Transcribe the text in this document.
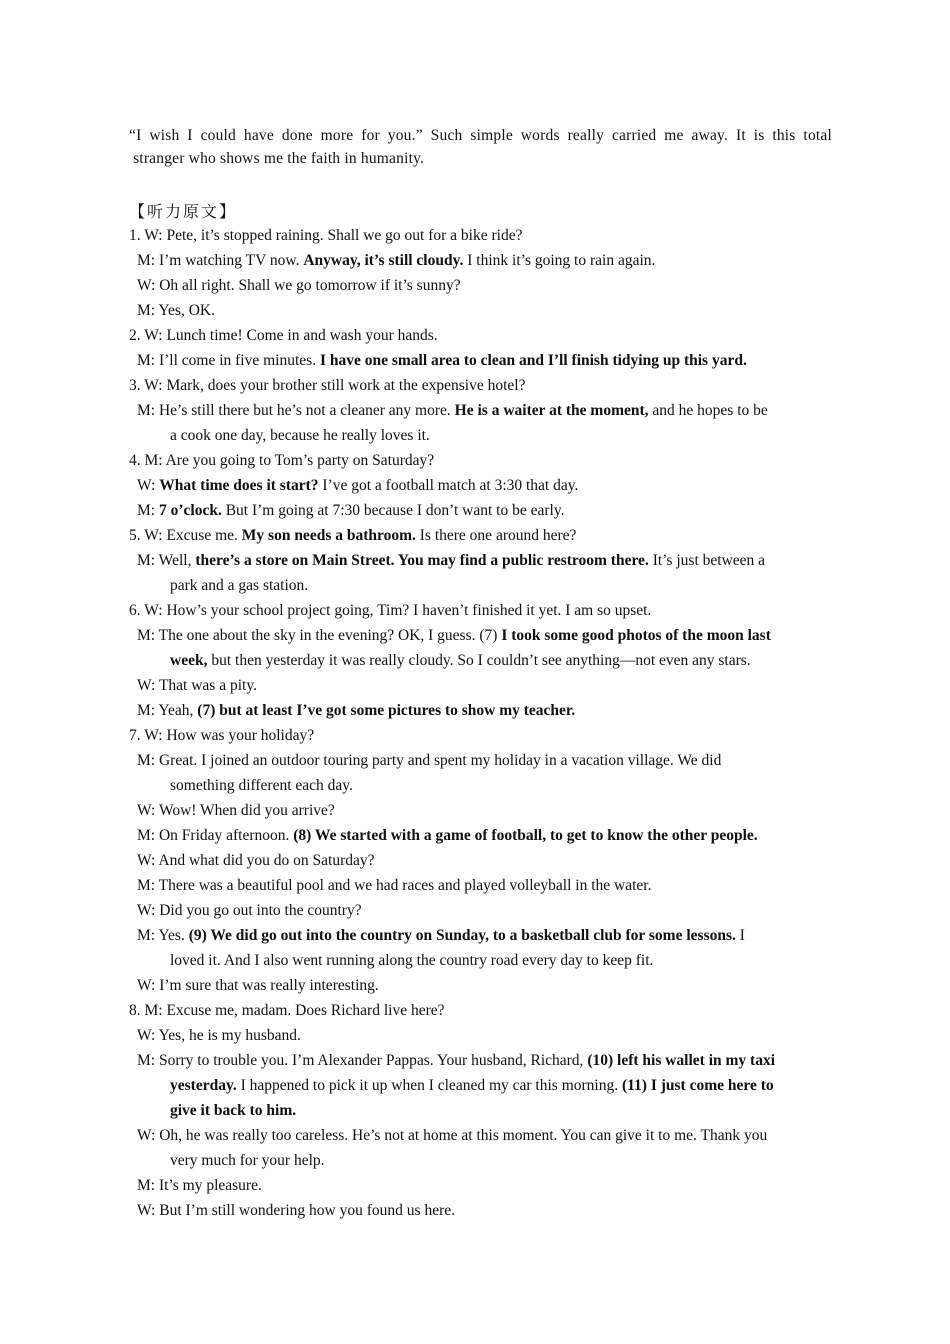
“I wish I could have done more for you.” Such simple words really carried me away. It is this total

stranger who shows me the faith in humanity.

【听力原文】
1. W: Pete, it’s stopped raining. Shall we go out for a bike ride?
M: I’m watching TV now. Anyway, it’s still cloudy. I think it’s going to rain again.
W: Oh all right. Shall we go tomorrow if it’s sunny?
M: Yes, OK.
2. W: Lunch time! Come in and wash your hands.
M: I’ll come in five minutes. I have one small area to clean and I’ll finish tidying up this yard.
3. W: Mark, does your brother still work at the expensive hotel?
M: He’s still there but he’s not a cleaner any more. He is a waiter at the moment, and he hopes to be
a cook one day, because he really loves it.
4. M: Are you going to Tom’s party on Saturday?
W: What time does it start? I’ve got a football match at 3:30 that day.
M: 7 o’clock. But I’m going at 7:30 because I don’t want to be early.
5. W: Excuse me. My son needs a bathroom. Is there one around here?
M: Well, there’s a store on Main Street. You may find a public restroom there. It’s just between a
park and a gas station.
6. W: How’s your school project going, Tim? I haven’t finished it yet. I am so upset.
M: The one about the sky in the evening? OK, I guess. (7) I took some good photos of the moon last
week, but then yesterday it was really cloudy. So I couldn’t see anything—not even any stars.
W: That was a pity.
M: Yeah, (7) but at least I’ve got some pictures to show my teacher.
7. W: How was your holiday?
M: Great. I joined an outdoor touring party and spent my holiday in a vacation village. We did
something different each day.
W: Wow! When did you arrive?
M: On Friday afternoon. (8) We started with a game of football, to get to know the other people.
W: And what did you do on Saturday?
M: There was a beautiful pool and we had races and played volleyball in the water.
W: Did you go out into the country?
M: Yes. (9) We did go out into the country on Sunday, to a basketball club for some lessons. I
loved it. And I also went running along the country road every day to keep fit.
W: I’m sure that was really interesting.
8. M: Excuse me, madam. Does Richard live here?
W: Yes, he is my husband.
M: Sorry to trouble you. I’m Alexander Pappas. Your husband, Richard, (10) left his wallet in my taxi
yesterday. I happened to pick it up when I cleaned my car this morning. (11) I just come here to
give it back to him.
W: Oh, he was really too careless. He’s not at home at this moment. You can give it to me. Thank you
very much for your help.
M: It’s my pleasure.
W: But I’m still wondering how you found us here.
